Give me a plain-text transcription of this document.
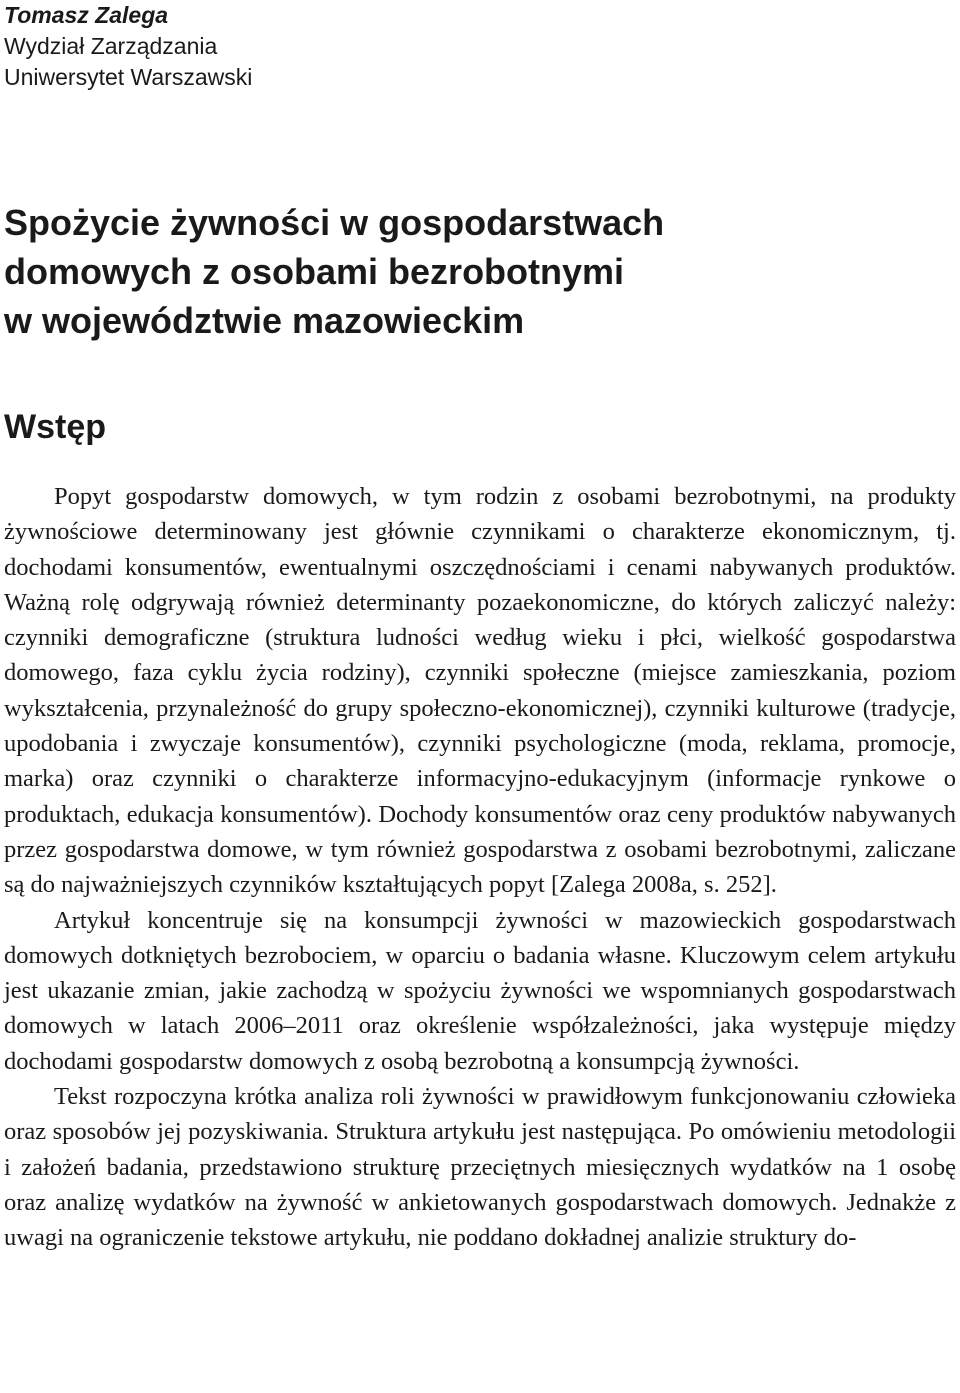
Tomasz Zalega

Wydział Zarządzania

Uniwersytet Warszawski

Spożycie żywności w gospodarstwach
domowych z osobami bezrobotnymi
w województwie mazowieckim
Wstęp

Popyt gospodarstw domowych, w tym rodzin z osobami bezrobotnymi, na produkty żywnościowe determinowany jest głównie czynnikami o charakterze ekonomicznym, tj. dochodami konsumentów, ewentualnymi oszczędnościami i cenami nabywanych produktów. Ważną rolę odgrywają również determinanty pozaekonomiczne, do których zaliczyć należy: czynniki demograficzne (struktura ludności według wieku i płci, wielkość gospodarstwa domowego, faza cyklu życia rodziny), czynniki społeczne (miejsce zamieszkania, poziom wykształcenia, przynależność do grupy społeczno-ekonomicznej), czynniki kulturowe (tradycje, upodobania i zwyczaje konsumentów), czynniki psychologiczne (moda, reklama, promocje, marka) oraz czynniki o charakterze informacyjno-edukacyjnym (informacje rynkowe o produktach, edukacja konsumentów). Dochody konsumentów oraz ceny produktów nabywanych przez gospodarstwa domowe, w tym również gospodarstwa z osobami bezrobotnymi, zaliczane są do najważniejszych czynników kształtujących popyt [Zalega 2008a, s. 252].

Artykuł koncentruje się na konsumpcji żywności w mazowieckich gospodarstwach domowych dotkniętych bezrobociem, w oparciu o badania własne. Kluczowym celem artykułu jest ukazanie zmian, jakie zachodzą w spożyciu żywności we wspomnianych gospodarstwach domowych w latach 2006–2011 oraz określenie współzależności, jaka występuje między dochodami gospodarstw domowych z osobą bezrobotną a konsumpcją żywności.

Tekst rozpoczyna krótka analiza roli żywności w prawidłowym funkcjonowaniu człowieka oraz sposobów jej pozyskiwania. Struktura artykułu jest następująca. Po omówieniu metodologii i założeń badania, przedstawiono strukturę przeciętnych miesięcznych wydatków na 1 osobę oraz analizę wydatków na żywność w ankietowanych gospodarstwach domowych. Jednakże z uwagi na ograniczenie tekstowe artykułu, nie poddano dokładnej analizie struktury do-
